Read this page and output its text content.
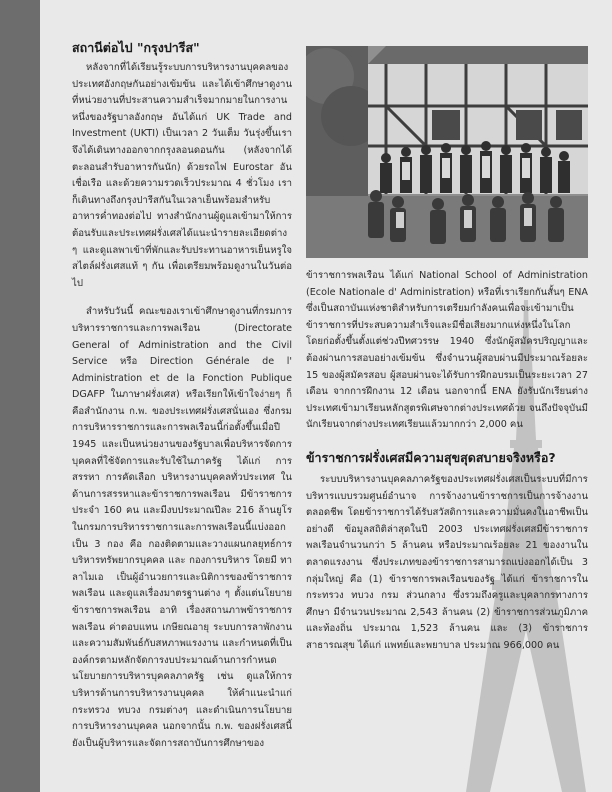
สถานีต่อไป "กรุงปารีส"
หลังจากที่ได้เรียนรู้ระบบการบริหารงานบุคคลของประเทศอังกฤษกันอย่างเข้มข้น และได้เข้าศึกษาดูงานที่หน่วยงานที่ประสานความสำเร็จมากมายในการงานหนึ่งของรัฐบาลอังกฤษ อันได้แก่ UK Trade and Investment (UKTI) เป็นเวลา 2 วันเต็ม วันรุ่งขึ้นเราจึงได้เดินทางออกจากกรุงลอนดอนกัน (หลังจากได้ตะลอนสำรับอาหารกันนัก) ด้วยรถไฟ Eurostar อันเชื่อเรือ และด้วยความรวดเร็วประมาณ 4 ชั่วโมง เราก็เดินทางถึงกรุงปารีสกันในเวลาเย็นพร้อมสำหรับอาหารค่ำทองต่อไป ทางสำนักงานผู้ดูแลเข้ามาให้การต้อนรับและประเทศฝรั่งเศสได้แนะนำรายละเอียดต่าง ๆ และดูแลพาเข้าที่พักและรับประทานอาหารเย็นหรูใจสไตล์ฝรั่งเศสแท้ ๆ กัน เพื่อเตรียมพร้อมดูงานในวันต่อไป
สำหรับวันนี้ คณะของเราเข้าศึกษาดูงานที่กรมการบริหารราชการและการพลเรือน (Directorate General of Administration and the Civil Service หรือ Direction Générale de l' Administration et de la Fonction Publique DGAFP ในภาษาฝรั่งเศส) หรือเรียกให้เข้าใจง่ายๆ ก็คือสำนักงาน ก.พ. ของประเทศฝรั่งเศสนั่นเอง ซึ่งกรมการบริหารราชการและการพลเรือนนี้ก่อตั้งขึ้นเมื่อปี 1945 และเป็นหน่วยงานของรัฐบาลเพื่อบริหารจัดการบุคคลที่ใช้จัดการและรับใช้ในภาครัฐ ได้แก่ การสรรหา การคัดเลือก บริหารงานบุคคลทั่วประเทศ ในด้านการสรรหาและข้าราชการพลเรือน มีข้าราชการประจำ 160 คน และมีงบประมาณปีละ 216 ล้านยูโร ในกรมการบริหารราชการและการพลเรือนนี้แบ่งออกเป็น 3 กอง คือ กองติดตามและวางแผนกลยุทธ์การบริหารทรัพยากรบุคคล และ กองการบริหาร โดยมี ทาลาไมเอ เป็นผู้อำนวยการและนิติการของข้าราชการพลเรือน และดูแลเรื่องมาตรฐานต่าง ๆ ตั้งแต่นโยบายข้าราชการพลเรือน อาทิ เรื่องสถานภาพข้าราชการพลเรือน ค่าตอบแทน เกษียณอายุ ระบบการลาพักงาน และความสัมพันธ์กับสหภาพแรงงาน และกำหนดที่เป็นองค์กรตามหลักจัดการงบประมาณด้านการกำหนดนโยบายการบริหารบุคคลภาครัฐ เช่น ดูแลให้การบริหารด้านการบริหารงานบุคคล ให้คำแนะนำแก่กระทรวง ทบวง กรมต่างๆ และดำเนินการนโยบายการบริหารงานบุคคล นอกจากนั้น ก.พ. ของฝรั่งเศสนี้ยังเป็นผู้บริหารและจัดการสถาบันการศึกษาของ
ข้าราชการพลเรือน ได้แก่ National School of Administration (Ecole Nationale d' Administration) หรือที่เราเรียกกันสั้นๆ ENA ซึ่งเป็นสถาบันแห่งชาติสำหรับการเตรียมกำลังคนเพื่อจะเข้ามาเป็นข้าราชการที่ประสบความสำเร็จและมีชื่อเสียงมากแห่งหนึ่งในโลก โดยก่อตั้งขึ้นตั้งแต่ช่วงปีทศวรรษ 1940 ซึ่งนักผู้สมัครปริญญาและต้องผ่านการสอบอย่างเข้มข้น ซึ่งจำนวนผู้สอบผ่านมีประมาณร้อยละ 15 ของผู้สมัครสอบ ผู้สอบผ่านจะได้รับการฝึกอบรมเป็นระยะเวลา 27 เดือน จากการฝึกงาน 12 เดือน นอกจากนี้ ENA ยังรับนักเรียนต่างประเทศเข้ามาเรียนหลักสูตรพิเศษจากต่างประเทศด้วย จนถึงปัจจุบันมีนักเรียนจากต่างประเทศเรียนแล้วมากกว่า 2,000 คน
ข้าราชการฝรั่งเศสมีความสุขสุดสบายจริงหรือ?
ระบบบริหารงานบุคคลภาครัฐของประเทศฝรั่งเศสเป็นระบบที่มีการบริหารแบบรวมศูนย์อำนาจ การจ้างงานข้าราชการเป็นการจ้างงานตลอดชีพ โดยข้าราชการได้รับสวัสดิการและความมั่นคงในอาชีพเป็นอย่างดี ข้อมูลสถิติล่าสุดในปี 2003 ประเทศฝรั่งเศสมีข้าราชการพลเรือนจำนวนกว่า 5 ล้านคน หรือประมาณร้อยละ 21 ของงานในตลาดแรงงาน ซึ่งประเภทของข้าราชการสามารถแบ่งออกได้เป็น 3 กลุ่มใหญ่ คือ (1) ข้าราชการพลเรือนของรัฐ ได้แก่ ข้าราชการในกระทรวง ทบวง กรม ส่วนกลาง ซึ่งรวมถึงครูและบุคลากรทางการศึกษา มีจำนวนประมาณ 2,543 ล้านคน (2) ข้าราชการส่วนภูมิภาคและท้องถิ่น ประมาณ 1,523 ล้านคน และ (3) ข้าราชการสาธารณสุข ได้แก่ แพทย์และพยาบาล ประมาณ 966,000 คน
